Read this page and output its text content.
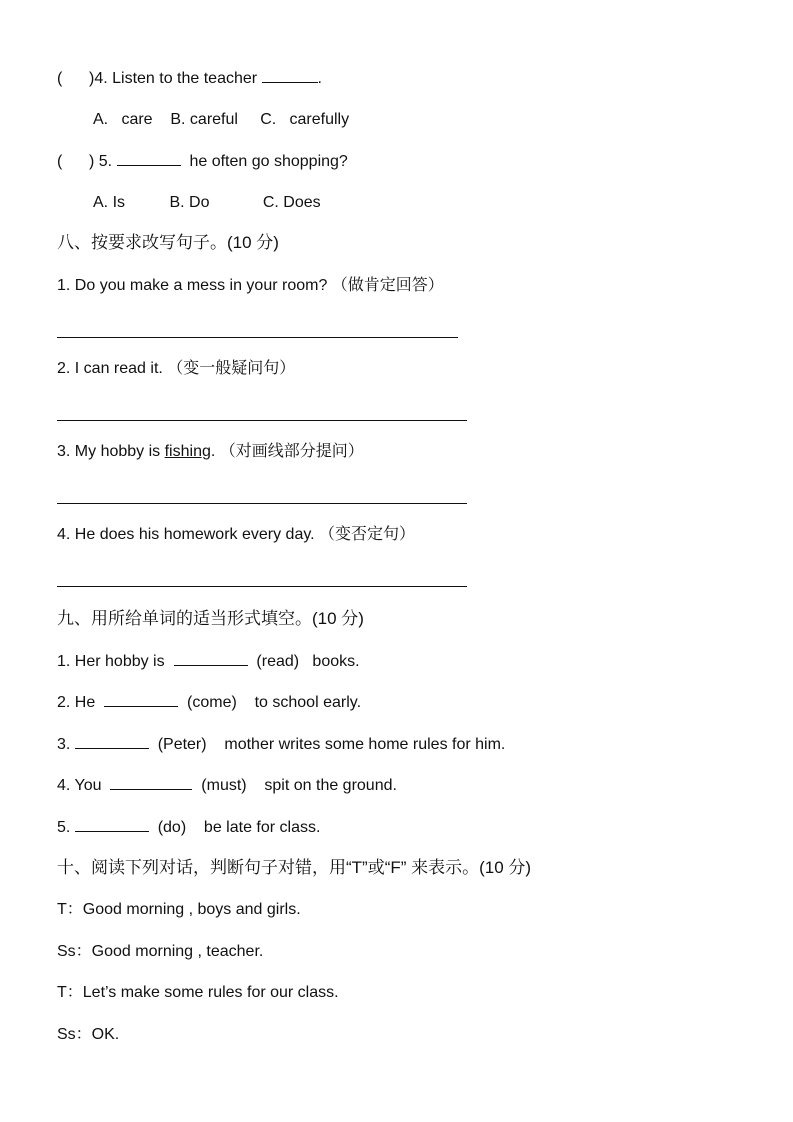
( )4. Listen to the teacher	.
A.   care B. careful C.   carefully
( ) 5.	he often go shopping?
A. Is	B. Do	C. Does
八、按要求改写句子。(10 分)
1. Do you make a mess in your room? （做肯定回答）
2. I can read it. （变一般疑问句）
3. My hobby is fishing. （对画线部分提问）
4. He does his homework every day. （变否定句）
九、用所给单词的适当形式填空。(10 分)
1. Her hobby is	(read)   books.
2. He	(come)    to school early.
3.	(Peter)    mother writes some home rules for him.
4. You	(must)    spit on the ground.
5.	(do)    be late for class.
十、阅读下列对话，判断句子对错，用“T”或“F” 来表示。(10 分)
T：Good morning , boys and girls.
Ss：Good morning , teacher.
T：Let’s make some rules for our class.
Ss：OK.
